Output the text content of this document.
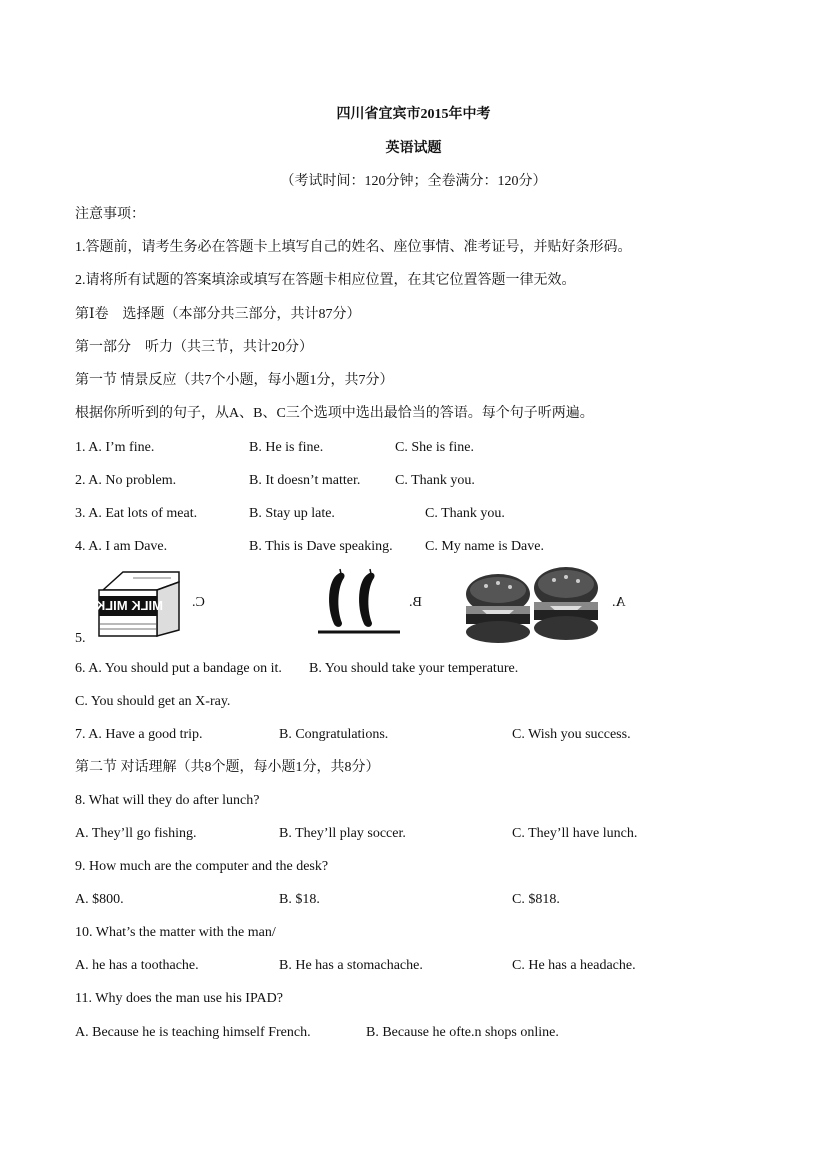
四川省宜宾市2015年中考
英语试题
（考试时间：120分钟；全卷满分：120分）
注意事项：
1.答题前，请考生务必在答题卡上填写自己的姓名、座位事情、准考证号，并贴好条形码。
2.请将所有试题的答案填涂或填写在答题卡相应位置，在其它位置答题一律无效。
第Ⅰ卷　选择题（本部分共三部分，共计87分）
第一部分　听力（共三节，共计20分）
第一节 情景反应（共7个小题，每小题1分，共7分）
根据你所听到的句子，从A、B、C三个选项中选出最恰当的答语。每个句子听两遍。
1. A. I’m fine.	B. He is fine.	C. She is fine.
2. A. No problem.	B. It doesn’t matter. C. Thank you.
3. A. Eat lots of meat.	B. Stay up late.	C. Thank you.
4. A. I am Dave.	B. This is Dave speaking. C. My name is Dave.
5.
MILK MILK C.	B.	A.
6. A. You should put a bandage on it. B. You should take your temperature.
C. You should get an X-ray.
7. A. Have a good trip.	B. Congratulations.	C. Wish you success.
第二节 对话理解（共8个题，每小题1分，共8分）
8. What will they do after lunch?
A. They’ll go fishing.	B. They’ll play soccer.	C. They’ll have lunch.
9. How much are the computer and the desk?
A. $800.	B. $18.	C. $818.
10. What’s the matter with the man/
A. he has a toothache.	B. He has a stomachache.	C. He has a headache.
11. Why does the man use his IPAD?
A. Because he is teaching himself French.	B. Because he ofte.n shops online.
